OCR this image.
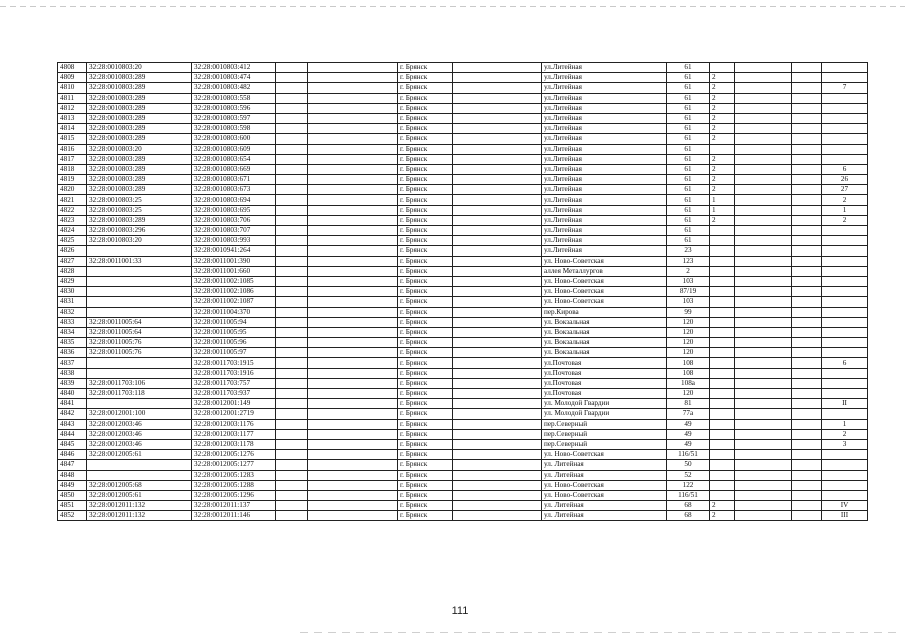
4808	32:28:0010803:20	32:28:0010803:412			г. Брянск		ул.Литейная	61				
4809	32:28:0010803:289	32:28:0010803:474			г. Брянск		ул.Литейная	61	2			
4810	32:28:0010803:289	32:28:0010803:482			г. Брянск		ул.Литейная	61	2			7
4811	32:28:0010803:289	32:28:0010803:558			г. Брянск		ул.Литейная	61	2			
4812	32:28:0010803:289	32:28:0010803:596			г. Брянск		ул.Литейная	61	2			
4813	32:28:0010803:289	32:28:0010803:597			г. Брянск		ул.Литейная	61	2			
4814	32:28:0010803:289	32:28:0010803:598			г. Брянск		ул.Литейная	61	2			
4815	32:28:0010803:289	32:28:0010803:600			г. Брянск		ул.Литейная	61	2			
4816	32:28:0010803:20	32:28:0010803:609			г. Брянск		ул.Литейная	61				
4817	32:28:0010803:289	32:28:0010803:654			г. Брянск		ул.Литейная	61	2			
4818	32:28:0010803:289	32:28:0010803:669			г. Брянск		ул.Литейная	61	2			6
4819	32:28:0010803:289	32:28:0010803:671			г. Брянск		ул.Литейная	61	2			26
4820	32:28:0010803:289	32:28:0010803:673			г. Брянск		ул.Литейная	61	2			27
4821	32:28:0010803:25	32:28:0010803:694			г. Брянск		ул.Литейная	61	1			2
4822	32:28:0010803:25	32:28:0010803:695			г. Брянск		ул.Литейная	61	1			1
4823	32:28:0010803:289	32:28:0010803:706			г. Брянск		ул.Литейная	61	2			2
4824	32:28:0010803:296	32:28:0010803:707			г. Брянск		ул.Литейная	61				
4825	32:28:0010803:20	32:28:0010803:993			г. Брянск		ул.Литейная	61				
4826		32:28:0010941:264			г. Брянск		ул.Литейная	23				
4827	32:28:0011001:33	32:28:0011001:390			г. Брянск		ул. Ново-Советская	123				
4828		32:28:0011001:660			г. Брянск		аллея Металлургов	2				
4829		32:28:0011002:1085			г. Брянск		ул. Ново-Советская	103				
4830		32:28:0011002:1086			г. Брянск		ул. Ново-Советская	87/19				
4831		32:28:0011002:1087			г. Брянск		ул. Ново-Советская	103				
4832		32:28:0011004:370			г. Брянск		пер.Кирова	99				
4833	32:28:0011005:64	32:28:0011005:94			г. Брянск		ул. Вокзальная	120				
4834	32:28:0011005:64	32:28:0011005:95			г. Брянск		ул. Вокзальная	120				
4835	32:28:0011005:76	32:28:0011005:96			г. Брянск		ул. Вокзальная	120				
4836	32:28:0011005:76	32:28:0011005:97			г. Брянск		ул. Вокзальная	120				
4837		32:28:0011703:1915			г. Брянск		ул.Почтовая	108				6
4838		32:28:0011703:1916			г. Брянск		ул.Почтовая	108				
4839	32:28:0011703:106	32:28:0011703:757			г. Брянск		ул.Почтовая	108а				
4840	32:28:0011703:118	32:28:0011703:937			г. Брянск		ул.Почтовая	120				
4841		32:28:0012001:149			г. Брянск		ул. Молодой Гвардии	81				II
4842	32:28:0012001:100	32:28:0012001:2719			г. Брянск		ул. Молодой Гвардии	77а				
4843	32:28:0012003:46	32:28:0012003:1176			г. Брянск		пер.Северный	49				1
4844	32:28:0012003:46	32:28:0012003:1177			г. Брянск		пер.Северный	49				2
4845	32:28:0012003:46	32:28:0012003:1178			г. Брянск		пер.Северный	49				3
4846	32:28:0012005:61	32:28:0012005:1276			г. Брянск		ул. Ново-Советская	116/51				
4847		32:28:0012005:1277			г. Брянск		ул. Литейная	50				
4848		32:28:0012005:1283			г. Брянск		ул. Литейная	52				
4849	32:28:0012005:68	32:28:0012005:1288			г. Брянск		ул. Ново-Советская	122				
4850	32:28:0012005:61	32:28:0012005:1296			г. Брянск		ул. Ново-Советская	116/51				
4851	32:28:0012011:132	32:28:0012011:137			г. Брянск		ул. Литейная	68	2			IV
4852	32:28:0012011:132	32:28:0012011:146			г. Брянск		ул. Литейная	68	2			III
111
